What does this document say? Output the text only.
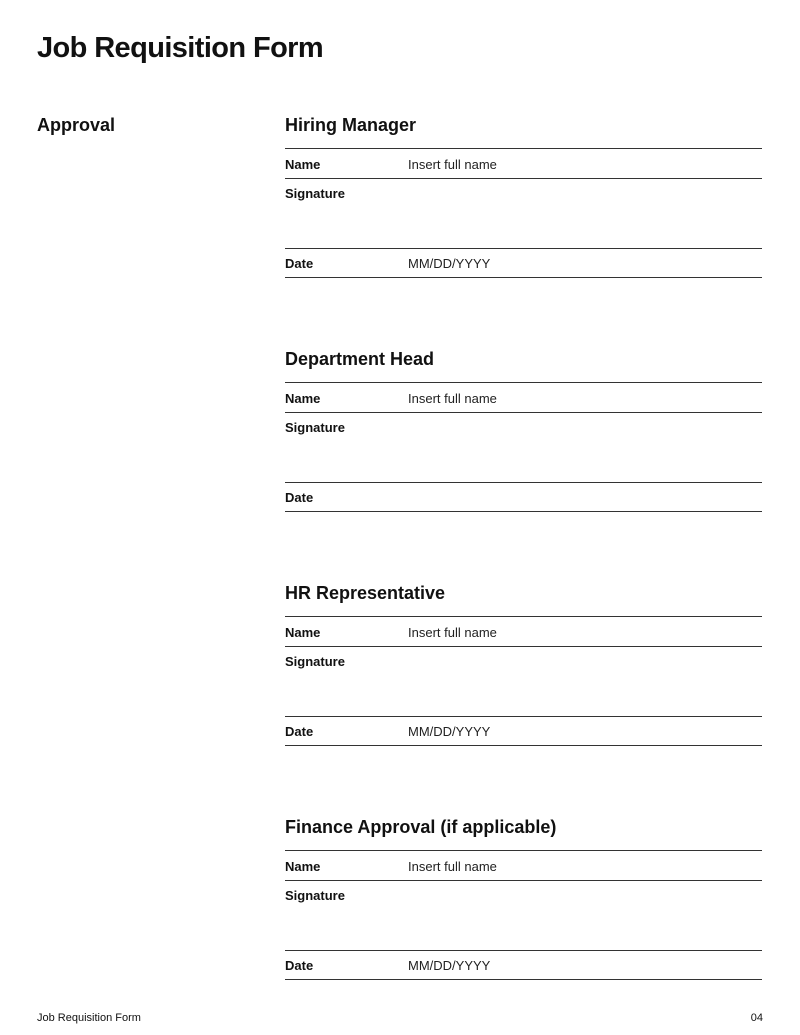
Job Requisition Form
Approval	Hiring Manager
Name	Insert full name
Signature
Date	MM/DD/YYYY
Department Head
Name	Insert full name
Signature
Date
HR Representative
Name	Insert full name
Signature
Date	MM/DD/YYYY
Finance Approval (if applicable)
Name	Insert full name
Signature
Date	MM/DD/YYYY
Job Requisition Form	04
